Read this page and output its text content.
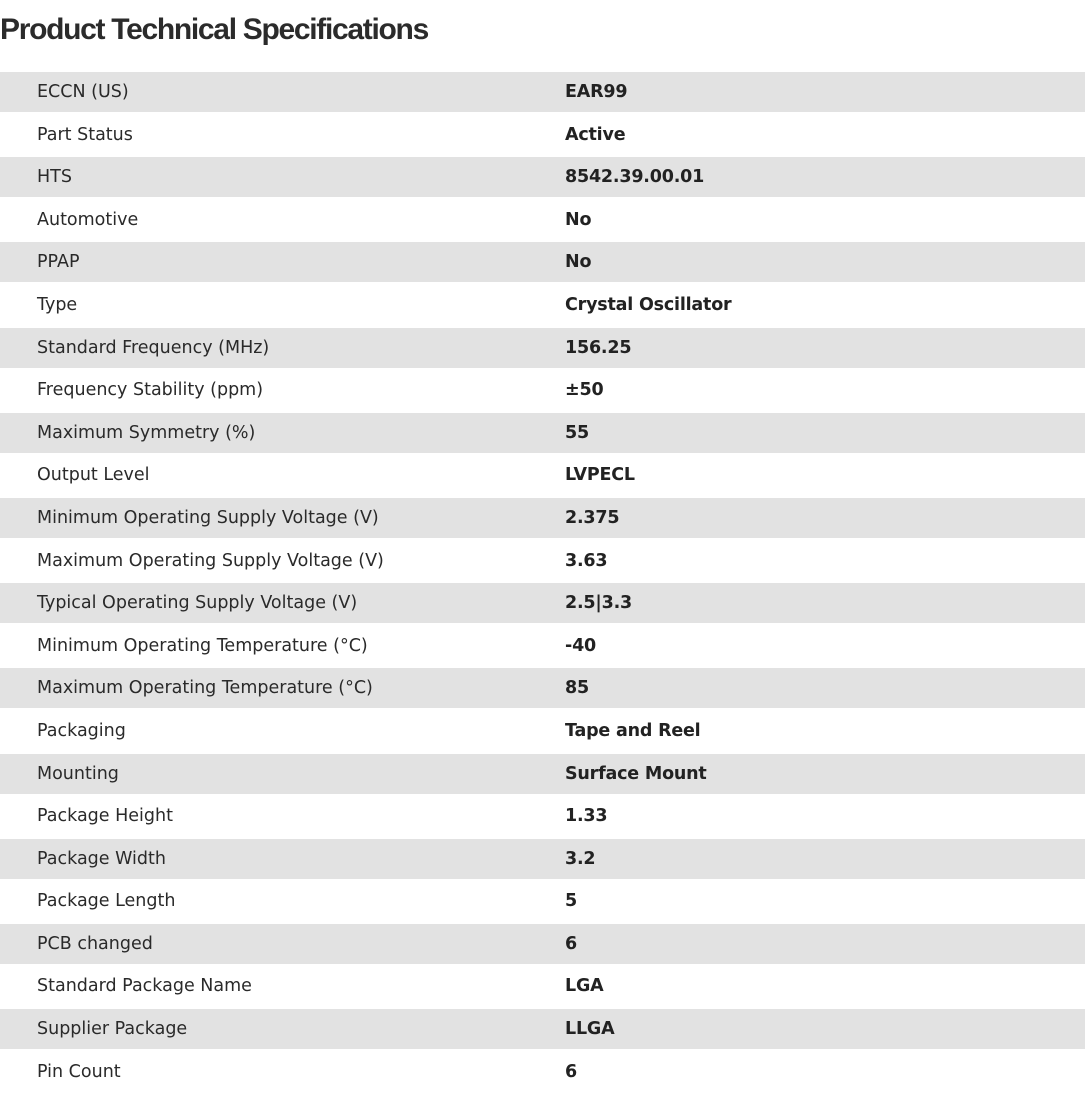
Product Technical Specifications
ECCN (US)	EAR99
Part Status	Active
HTS	8542.39.00.01
Automotive	No
PPAP	No
Type	Crystal Oscillator
Standard Frequency (MHz)	156.25
Frequency Stability (ppm)	±50
Maximum Symmetry (%)	55
Output Level	LVPECL
Minimum Operating Supply Voltage (V)	2.375
Maximum Operating Supply Voltage (V)	3.63
Typical Operating Supply Voltage (V)	2.5|3.3
Minimum Operating Temperature (°C)	-40
Maximum Operating Temperature (°C)	85
Packaging	Tape and Reel
Mounting	Surface Mount
Package Height	1.33
Package Width	3.2
Package Length	5
PCB changed	6
Standard Package Name	LGA
Supplier Package	LLGA
Pin Count	6
